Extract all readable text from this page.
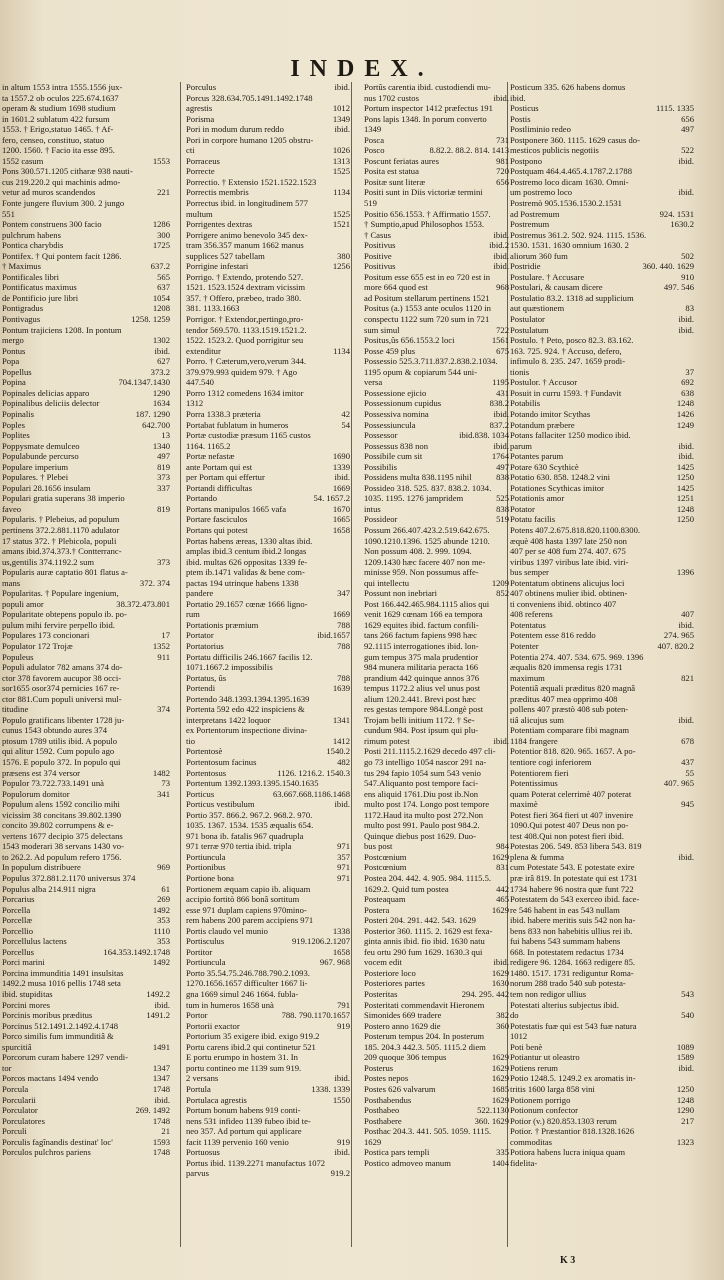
INDEX.
in altum 1553 intra 1555.1556 jux-
ta 1557.2 ob oculos 225.674.1637
operam & studium 1698 studium
in 1601.2 sublatum 422 fursum
1553. † Erigo,statuo 1465. † Af-
fero, censeo, constituo, statuo
1200. 1560. † Facio ita esse 895.
1552 casum	1553
Pons 300.571.1205 citharæ 938 nauti-
cus 219.220.2 qui machinis admo-
vetur ad muros scandendos	221
Fonte jungere fluvium 300. 2 jungo
551
Pontem construens 300 facio	1286
pulchrum habens	300
Pontica charybdis	1725
Pontifex. † Qui pontem facit 1286.
† Maximus	637.2
Pontificales libri	565
Pontificatus maximus	637
de Pontificio jure libri	1054
Pontigradus	1208
Pontivagus	1258. 1259
Pontum trajiciens 1208. In pontum
mergo	1302
Pontus	ibid.
Popa	627
Popellus	373.2
Popina	704.1347.1430
Popinales delicias apparo	1290
Popinalibus deliciis delector	1634
Popinalis	187. 1290
Poples	642.700
Poplites	13
Poppysmate demulceo	1340
Populabunde percurso	497
Populare imperium	819
Populares. † Plebei	373
Populari 28.1656 insulam	337
Populari gratia superans 38 imperio
faveo	819
Popularis. † Plebeius, ad populum
pertinens 372.2.881.1170 adulator
17 status 372. † Plebicola, populi
amans ibid.374.373.† Contterranc-
us,gentilis 374.1192.2 sum	373
Popularis auræ captatio 801 flatus a-
mans	372. 374
Popularitas. † Populare ingenium,
populi amor	38.372.473.801
Popularitate obtepens populo ib. po-
pulum mihi fervire perpello ibid.
Populares 173 concionari	17
Populator 172 Trojæ	1352
Populeus	911
Populi adulator 782 amans 374 do-
ctor 378 favorem aucupor 38 occi-
sor1655 osor374 pernicies 167 re-
ctor 881.Cum populi universi mul-
titudine	374
Populo gratificans libenter 1728 ju-
cunus 1543 obtundo aures 374
ptosum 1789 utilis ibid. A populo
qui alitur 1592. Cum populo ago
1576. E populo 372. In populo qui
præsens est 374 versor	1482
Populor 73.722.733.1491 unà	73
Populorum domitor	341
Populum alens 1592 concilio mihi
vicissim 38 concitans 39.802.1390
concito 39.802 corrumpens & e-
vertens 1677 decipio 375 delectans
1543 moderari 38 servans 1430 vo-
to 262.2. Ad populum refero 1756.
In populum distribuere	969
Populus 372.881.2.1170 universus 374
Populus alba 214.911 nigra	61
Porcarius	269
Porcella	1492
Porcellæ	353
Porcellio	1110
Porcellulus lactens	353
Porcellus	164.353.1492.1748
Porci marini	1492
Porcina immunditia 1491 insulsitas
1492.2 musa 1016 pellis 1748 seta
ibid. stupiditas	1492.2
Porcini mores	ibid.
Porcinis moribus præditus	1491.2
Porcinus 512.1491.2.1492.4.1748
Porco similis fum immunditiâ &
spurcitiâ	1491
Porcorum curam habere 1297 vendi-
tor	1347
Porcos mactans 1494 vendo	1347
Porcula	1748
Porcularii	ibid.
Porculator	269. 1492
Porculatores	1748
Porculi	21
Porculis fagînandis destinat' loc'	1593
Porculos pulchros pariens	1748
Porculus	ibid.
Porcus 328.634.705.1491.1492.1748
agrestis	1012
Porisma	1349
Pori in modum durum reddo	ibid.
Pori in corpore humano 1205 obstru-
cti	1026
Porraceus	1313
Porrecte	1525
Porrectio. † Extensio 1521.1522.1523
Porrectis membris	1134
Porrectus ibid. in longitudinem 577
multum	1525
Porrigentes dextras	1521
Porrigere animo benevolo 345 dex-
tram 356.357 manum 1662 manus
supplices 527 tabellam	380
Porrigine infestari	1256
Porrigo. † Extendo, protendo 527.
1521. 1523.1524 dextram vicissim
357. † Offero, præbeo, trado 380.
381. 1133.1663
Porrigor. † Extendor,pertingo,pro-
tendor 569.570. 1133.1519.1521.2.
1522. 1523.2. Quod porrigitur seu
extenditur	1134
Porro. † Cæterum,vero,verum 344.
379.979.993 quidem 979. † Ago
447.540
Porro 1312 comedens 1634 imitor
1312
Porra 1338.3 præteria	42
Portabat fublatum in humeros	54
Portæ custodiæ præsum 1165 custos
1164. 1165.2
Portæ nefastæ	1690
ante Portam qui est	1339
per Portam qui effertur	ibid.
Portandi difficultas	1669
Portando	54. 1657.2
Portans manipulos 1665 vafa	1670
Portare fasciculos	1665
Portans qui potest	1658
Portas habens æreas, 1330 altas ibid.
amplas ibid.3 centum ibid.2 longas
ibid. multas 626 oppositas 1339 fe-
ptem ib.1471 validas & bene com-
pactas 194 utrinque habens 1338
pandere	347
Portatio 29.1657 cœnæ 1666 ligno-
rum	1669
Portationis præmium	788
Portator	ibid.1657
Portatorius	788
Portatu difficilis 246.1667 facilis 12.
1071.1667.2 impossibilis
Portatus, ûs	788
Portendi	1639
Portendo 348.1393.1394.1395.1639
Portenta 592 edo 422 inspiciens &
interpretans 1422 loquor	1341
ex Portentorum inspectione divina-
tio	1412
Portentosè	1540.2
Portentosum facinus	482
Portentosus	1126. 1216.2. 1540.3
Portentum 1392.1393.1395.1540.1635
Porticus	63.667.668.1186.1468
Porticus vestibulum	ibid.
Portio 357. 866.2. 967.2. 968.2. 970.
1035. 1367. 1534. 1535 æqualis 654.
971 bona ib. fatalis 967 quadrupla
971 terræ 970 tertia ibid. tripla	971
Portiuncula	357
Portionibus	971
Portione bona	971
Portionem æquam capio ib. aliquam
accipio fortitò 866 bonâ sortitum
esse 971 duplam capiens 970mino-
rem habens 200 parem accipiens 971
Portis claudo vel munio	1338
Portisculus	919.1206.2.1207
Portitor	1658
Portiuncula	967. 968
Porto 35.54.75.246.788.790.2.1093.
1270.1656.1657 difficulter 1667 li-
gna 1669 simul 246 1664. fubla-
tum in humeros 1658 unà	791
Portor	788. 790.1170.1657
Portorii exactor	919
Portorium 35 exigere ibid. exigo 919.2
Portu carens ibid.2 qui continetur 521
E portu erumpo in hostem 31. In
portu contineo me 1139 sum 919.
2 versans	ibid.
Portula	1338. 1339
Portulaca agrestis	1550
Portum bonum habens 919 conti-
nens 531 infideo 1139 fubeo ibid te-
neo 357. Ad portum qui applicare
facit 1139 pervenio 160 venio	919
Portuosus	ibid.
Portus ibid. 1139.2271 manufactus 1072
parvus	919.2
Portûs carentia ibid. custodiendi mu-
nus 1702 custos	ibid.
Portum inspector 1412 præfectus 191
Pons lapis 1348. In porum converto
1349
Posca	731
Posco	8.82.2. 88.2. 814. 1413
Poscunt feriatas aures	981
Posita est statua	720
Positæ sunt literæ	656
Positi sunt in Diis victoriæ termini
519
Positio 656.1553. † Affirmatio 1557.
† Sumptio,apud Philosophos 1553.
† Casus	ibid.
Positivus	ibid.2
Positive	ibid.
Positivus	ibid.
Positum esse 655 est in eo 720 est in
more 664 quod est	968
ad Positum stellarum pertinens 1521
Positus (a.) 1553 ante oculos 1120 in
conspectu 1122 sum 720 sum in 721
sum simul	722
Positus,ûs 656.1553.2 loci	1561
Posse 459 plus	675
Possessio 525.3.711.837.2.838.2.1034.
1195 opum & copiarum 544 uni-
versa	1195
Possessione ejicio	431
Possessionum cupidus	838.2
Possessiva nomina	ibid.
Possessiuncula	837.2
Possessor	ibid.838. 1034
Possessus 838 non	ibid.
Possibile cum sit	1764
Possibilis	497
Possidens multa 838.1195 nihil	838
Possideo 318. 525. 837. 838.2. 1034.
1035. 1195. 1276 jampridem	525
intus	838
Possideor	519
Possum 266.407.423.2.519.642.675.
1090.1210.1396. 1525 abunde 1210.
Non possum 408. 2. 999. 1094.
1209.1430 hæc facere 407 non me-
minisse 959. Non possumus affe-
qui intellectu	1209
Possunt non inebriari	852
Post 166.442.465.984.1115 alios qui
venit 1629 cœnam 166 ea tempora
1629 equites ibid. factum confili-
tans 266 factum fapiens 998 hæc
92.1115 interrogationes ibid. lon-
gum tempus 375 mala prudentior
984 munera militaria peracta 166
prandium 442 quinque annos 376
tempus 1172.2 alius vel unus post
alium 120.2.441. Brevi post hæc
res gestas tempore 984.Longè post
Trojam belli initium 1172. † Se-
cundum 984. Post ipsum qui plu-
rimum potest	ibid.
Posti 211.1115.2.1629 decedo 497 cli-
go 73 intelligo 1054 nascor 291 na-
tus 294 fapio 1054 sum 543 venio
547.Aliquanto post tempore faci-
ens aliquid 1761.Diu post ib.Non
multo post 174. Longo post tempore
1172.Haud ita multo post 272.Non
multo post 991. Paulo post 984.2.
Quinque diebus post 1629. Duo-
bus post	984
Postcœnium	1629
Postcœnium	831
Postea 204. 442. 4. 905. 984. 1115.5.
1629.2. Quid tum postea	442
Posteaquam	465
Postera	1629
Posteri 204. 291. 442. 543. 1629
Posterior 360. 1115. 2. 1629 est fexa-
ginta annis ibid. fio ibid. 1630 natu
feu ortu 290 fum 1629. 1630.3 qui
vocem edit	ibid.
Posteriore loco	1629
Posteriores partes	1630
Posteritas	294. 295. 442
Posteritati commendavit Hieronem
Simonides 669 tradere	382
Postero anno 1629 die	360
Posterum tempus 204. In posterum
185. 204.3 442.3. 505. 1115.2 diem
209 quoque 306 tempus	1629
Posterus	1629
Postes nepos	1629
Postes 626 valvarum	1685
Posthabendus	1629
Posthabeo	522.1130
Posthabere	360. 1629
Posthac 204.3. 441. 505. 1059. 1115.
1629
Postica pars templi	335
Postico admoveo manum	1404
Posticum 335. 626 habens domus
ibid.
Posticus	1115. 1335
Postis	656
Postliminio redeo	497
Postponere 360. 1115. 1629 casus do-
mesticos publicis negotiis	522
Postpono	ibid.
Postquam 464.4.465.4.1787.2.1788
Postremo loco dicam 1630. Omni-
um postremo loco	ibid.
Postremò 905.1536.1530.2.1531
ad Postremum	924. 1531
Postremum	1630.2
Postremus 361.2. 502. 924. 1115. 1536.
1530. 1531. 1630 omnium 1630. 2
aliorum 360 fum	502
Postridie	360. 440. 1629
Postulare. † Accusare	910
Postulari, & causam dicere	497. 546
Postulatio 83.2. 1318 ad supplicium
aut quæstionem	83
Postulator	ibid.
Postulatum	ibid.
Postulo. † Peto, posco 82.3. 83.162.
163. 725. 924. † Accuso, defero,
infimulo 8. 235. 247. 1659 prodi-
tionis	37
Postulor. † Accusor	692
Posuit in curru 1593. † Fundavit	638
Potabilis	1248
Potando imitor Scythas	1426
Potandum præbere	1249
Potans fallaciter 1250 modico ibid.
parum	ibid.
Potantes parum	ibid.
Potare 630 Scythicè	1425
Potatio 630. 858. 1248.2 vini	1250
Potationes Scythicas imitor	1425
Potationis amor	1251
Potator	1248
Potatu facilis	1250
Potens 407.2.675.818.820.1100.8300.
æquè 408 hasta 1397 late 250 non
407 per se 408 fum 274. 407. 675
viribus 1397 viribus late ibid. viri-
bus semper	1396
Potentatum obtinens alicujus loci
407 obtinens mulier ibid. obtinen-
ti conveniens ibid. obtinco 407
408 referens	407
Potentatus	ibid.
Potentem esse 816 reddo	274. 965
Potenter	407. 820.2
Potentia 274. 407. 534. 675. 969. 1396
æqualis 820 immensa regis 1731
maximum	821
Potentiâ æquali præditus 820 magnâ
præditus 407 mea opprimo 408
pollens 407 præstò 408 sub poten-
tiâ alicujus sum	ibid.
Potentiam comparare fibi magnam
1184 frangere	678
Potentior 818. 820. 965. 1657. A po-
tentiore cogi inferiorem	437
Potentiorem fieri	55
Potentissimus	407. 965
quam Poterat celerrimè 407 poterat
maximè	945
Potest fieri 364 fieri ut 407 invenire
1090.Qui potest 407 Deus non po-
test 408.Qui non potest fieri ibid.
Potestas 206. 549. 853 libera 543. 819
plena & fumma	ibid.
cum Potestate 543. E potestate exire
præ irâ 819. In potestate qui est 1731
1734 habere 96 nostra quæ funt 722
Potestatem do 543 exerceo ibid. face-
re 546 habent in eas 543 nullam
ibid. habere meritis suis 542 non ha-
bens 833 non habebitis ullius rei ib.
fui habens 543 summam habens
668. In potestatem redactus 1734
redigere 96. 1284. 1663 redigere 85.
1480. 1517. 1731 rediguntur Roma-
norum 288 trado 540 sub potesta-
tem non redigor ullius	543
Potestati alterius subjectus ibid.
do	540
Potestatis fuæ qui est 543 fuæ natura
1012
Poti benè	1089
Potiantur ut oleastro	1589
Potiens rerum	ibid.
Potio 1248.5. 1249.2 ex aromatis in-
tritis 1600 larga 858 vini	1250
Potionem porrigo	1248
Potionum confector	1290
Potior (v.) 820.853.1303 rerum	217
Potior. † Præstantior 818.1328.1626
commoditas	1323
Potiora habens lucra iniqua quam
fidelita-
K 3
